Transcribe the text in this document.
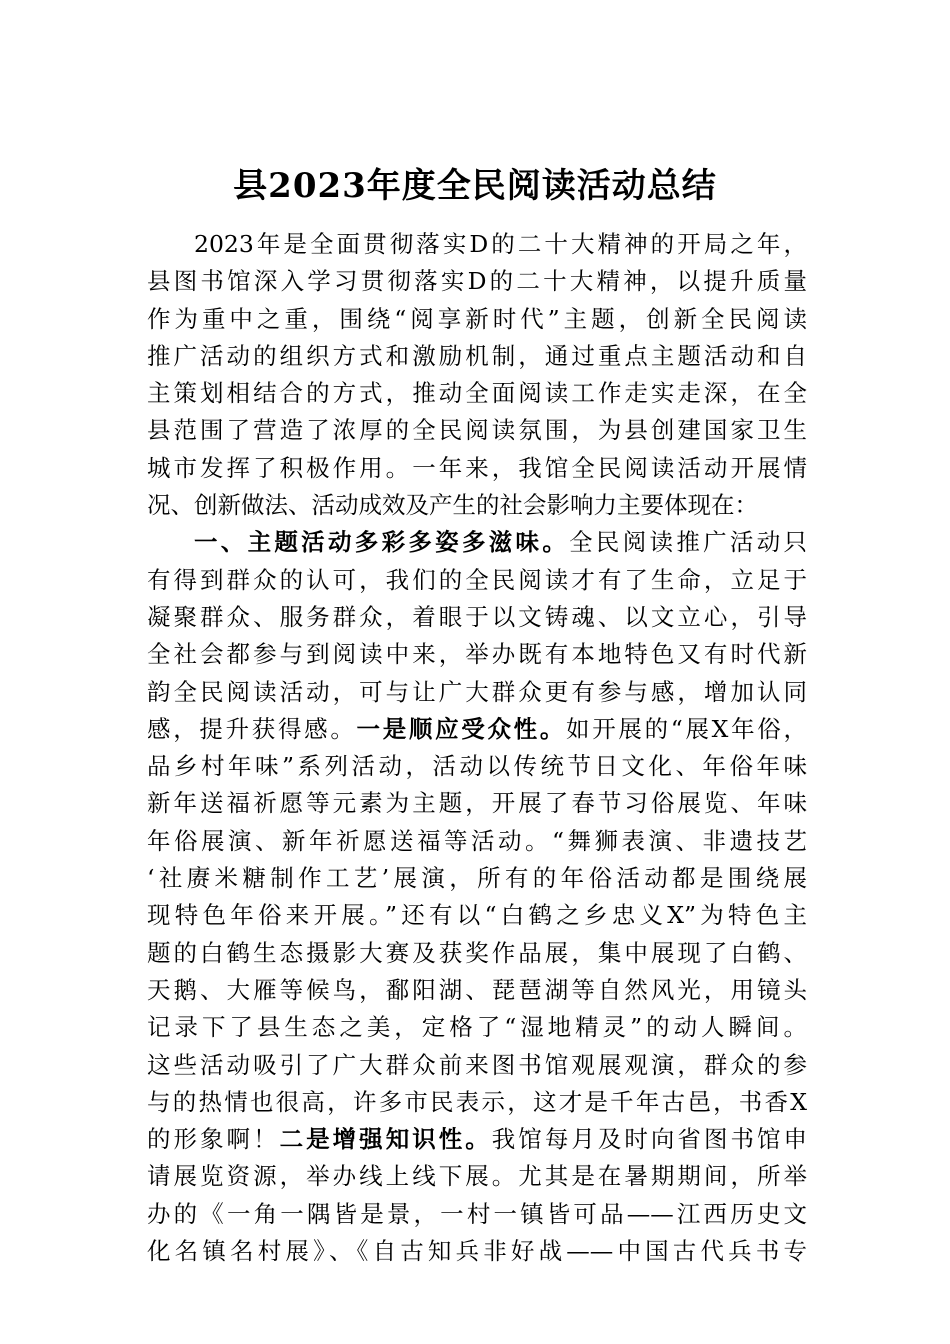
县2023年度全民阅读活动总结
2023年是全面贯彻落实D的二十大精神的开局之年，
县图书馆深入学习贯彻落实D的二十大精神，以提升质量
作为重中之重，围绕“阅享新时代”主题，创新全民阅读
推广活动的组织方式和激励机制，通过重点主题活动和自
主策划相结合的方式，推动全面阅读工作走实走深，在全
县范围了营造了浓厚的全民阅读氛围，为县创建国家卫生
城市发挥了积极作用。一年来，我馆全民阅读活动开展情
况、创新做法、活动成效及产生的社会影响力主要体现在：
一、主题活动多彩多姿多滋味。全民阅读推广活动只
有得到群众的认可，我们的全民阅读才有了生命，立足于
凝聚群众、服务群众，着眼于以文铸魂、以文立心，引导
全社会都参与到阅读中来，举办既有本地特色又有时代新
韵全民阅读活动，可与让广大群众更有参与感，增加认同
感，提升获得感。一是顺应受众性。如开展的“展X年俗，
品乡村年味”系列活动，活动以传统节日文化、年俗年味
新年送福祈愿等元素为主题，开展了春节习俗展览、年味
年俗展演、新年祈愿送福等活动。“舞狮表演、非遗技艺
‘社赓米糖制作工艺’展演，所有的年俗活动都是围绕展
现特色年俗来开展。”还有以“白鹤之乡忠义X”为特色主
题的白鹤生态摄影大赛及获奖作品展，集中展现了白鹤、
天鹅、大雁等候鸟，鄱阳湖、琵琶湖等自然风光，用镜头
记录下了县生态之美，定格了“湿地精灵”的动人瞬间。
这些活动吸引了广大群众前来图书馆观展观演，群众的参
与的热情也很高，许多市民表示，这才是千年古邑，书香X
的形象啊！二是增强知识性。我馆每月及时向省图书馆申
请展览资源，举办线上线下展。尤其是在暑期期间，所举
办的《一角一隅皆是景，一村一镇皆可品——江西历史文
化名镇名村展》、《自古知兵非好战——中国古代兵书专
